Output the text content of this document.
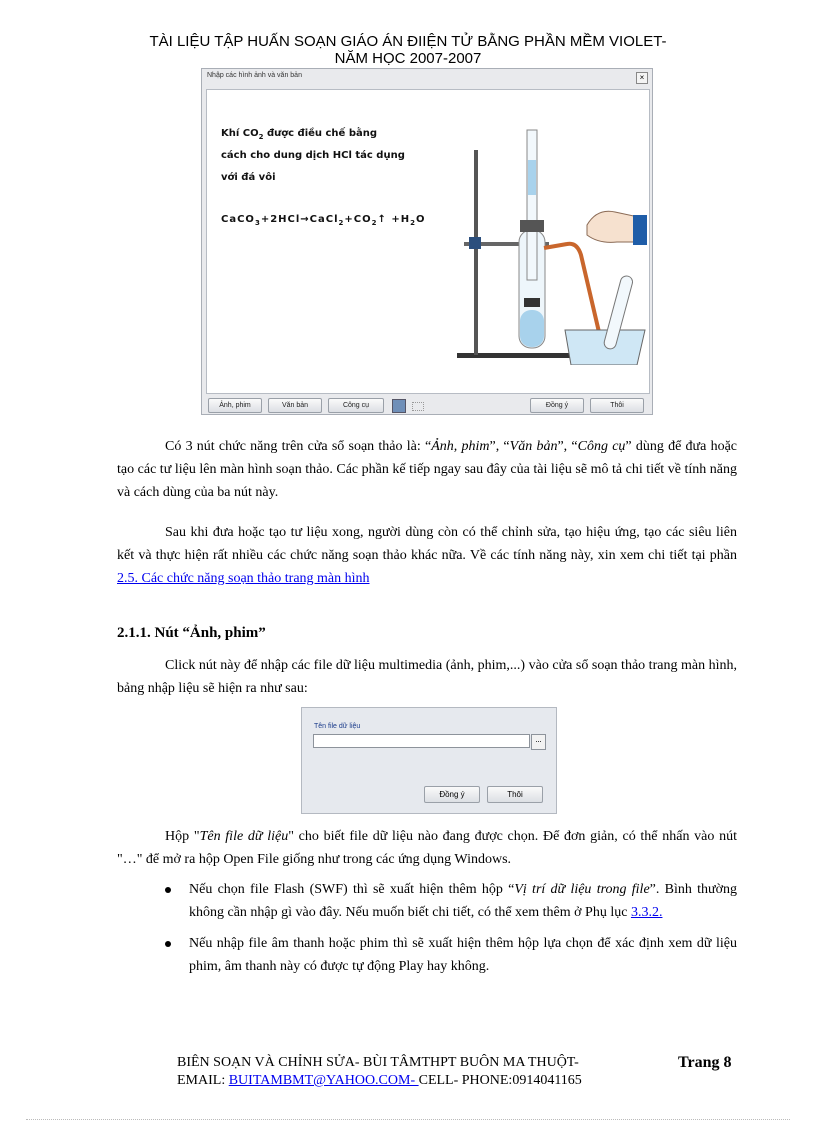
TÀI LIỆU TẬP HUẤN SOẠN GIÁO ÁN ĐIIỆN TỬ BẰNG PHẦN MỀM VIOLET-
NĂM HỌC 2007-2007
Nhập các hình ảnh và văn bản	×
Khí $CO_2$ được điều chế bằng
cách cho dung dịch HCl tác dụng
với đá vôi
$CaCO_3+2HCl\to CaCl_2+CO_2↑ +H_2O$
Ảnh, phim	Văn bản	Công cụ	Đồng ý	Thôi

Có 3 nút chức năng trên cửa sổ soạn thảo là: “Ảnh, phim”, “Văn bản”, “Công cụ” dùng để đưa hoặc tạo các tư liệu lên màn hình soạn thảo. Các phần kế tiếp ngay sau đây của tài liệu sẽ mô tả chi tiết về tính năng và cách dùng của ba nút này.

Sau khi đưa hoặc tạo tư liệu xong, người dùng còn có thể chỉnh sửa, tạo hiệu ứng, tạo các siêu liên kết và thực hiện rất nhiều các chức năng soạn thảo khác nữa. Về các tính năng này, xin xem chi tiết tại phần 2.5. Các chức năng soạn thảo trang màn hình

2.1.1. Nút “Ảnh, phim”

Click nút này để nhập các file dữ liệu multimedia (ảnh, phim,...) vào cửa sổ soạn thảo trang màn hình, bảng nhập liệu sẽ hiện ra như sau:

Tên file dữ liệu
...
Đồng ý	Thôi

Hộp "Tên file dữ liệu" cho biết file dữ liệu nào đang được chọn. Để đơn giản, có thể nhấn vào nút "…" để mở ra hộp Open File giống như trong các ứng dụng Windows.

Nếu chọn file Flash (SWF) thì sẽ xuất hiện thêm hộp “Vị trí dữ liệu trong file”. Bình thường không cần nhập gì vào đây. Nếu muốn biết chi tiết, có thể xem thêm ở Phụ lục 3.3.2.
Nếu nhập file âm thanh hoặc phim thì sẽ xuất hiện thêm hộp lựa chọn để xác định xem dữ liệu phim, âm thanh này có được tự động Play hay không.
BIÊN SOẠN VÀ CHỈNH SỬA- BÙI TÂMTHPT BUÔN MA THUỘT-
EMAIL: BUITAMBMT@YAHOO.COM- CELL- PHONE:0914041165
Trang 8
